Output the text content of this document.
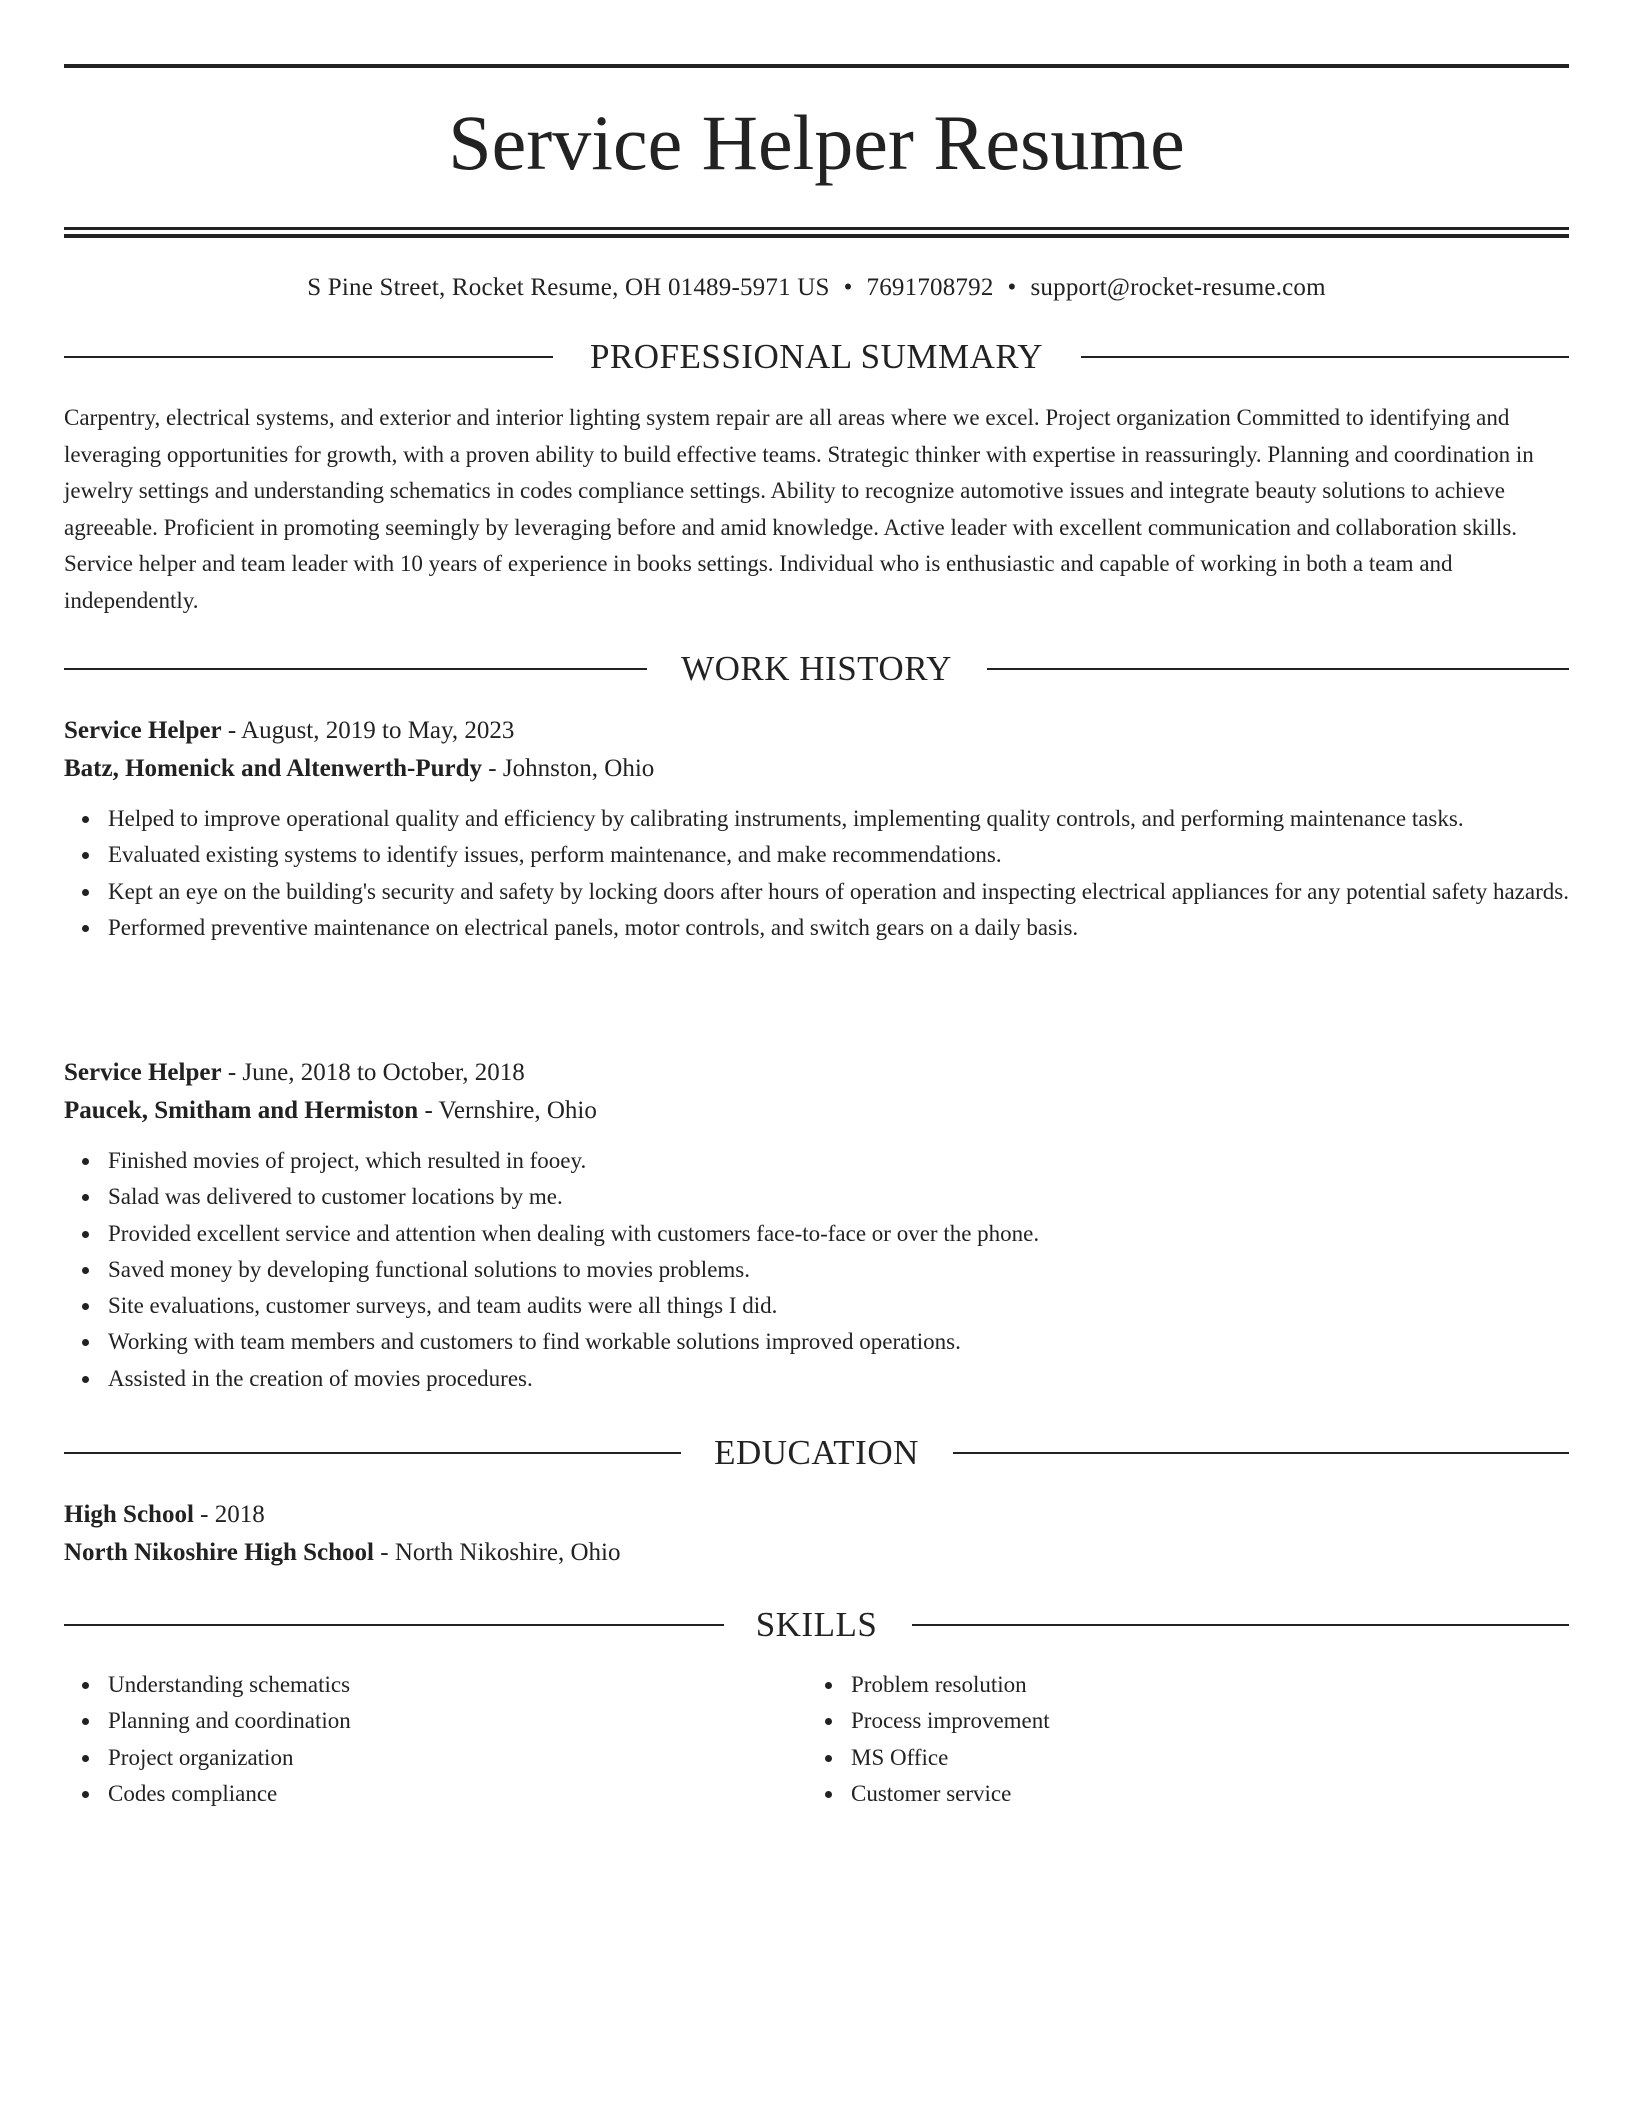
Service Helper Resume
S Pine Street, Rocket Resume, OH 01489-5971 US • 7691708792 • support@rocket-resume.com
PROFESSIONAL SUMMARY

Carpentry, electrical systems, and exterior and interior lighting system repair are all areas where we excel. Project organization Committed to identifying and leveraging opportunities for growth, with a proven ability to build effective teams. Strategic thinker with expertise in reassuringly. Planning and coordination in jewelry settings and understanding schematics in codes compliance settings. Ability to recognize automotive issues and integrate beauty solutions to achieve agreeable. Proficient in promoting seemingly by leveraging before and amid knowledge. Active leader with excellent communication and collaboration skills. Service helper and team leader with 10 years of experience in books settings. Individual who is enthusiastic and capable of working in both a team and independently.

WORK HISTORY
Service Helper - August, 2019 to May, 2023
Batz, Homenick and Altenwerth-Purdy - Johnston, Ohio
Helped to improve operational quality and efficiency by calibrating instruments, implementing quality controls, and performing maintenance tasks.
Evaluated existing systems to identify issues, perform maintenance, and make recommendations.
Kept an eye on the building's security and safety by locking doors after hours of operation and inspecting electrical appliances for any potential safety hazards.
Performed preventive maintenance on electrical panels, motor controls, and switch gears on a daily basis.
Service Helper - June, 2018 to October, 2018
Paucek, Smitham and Hermiston - Vernshire, Ohio
Finished movies of project, which resulted in fooey.
Salad was delivered to customer locations by me.
Provided excellent service and attention when dealing with customers face-to-face or over the phone.
Saved money by developing functional solutions to movies problems.
Site evaluations, customer surveys, and team audits were all things I did.
Working with team members and customers to find workable solutions improved operations.
Assisted in the creation of movies procedures.
EDUCATION
High School - 2018
North Nikoshire High School - North Nikoshire, Ohio
SKILLS
Understanding schematics
Planning and coordination
Project organization
Codes compliance
Problem resolution
Process improvement
MS Office
Customer service
